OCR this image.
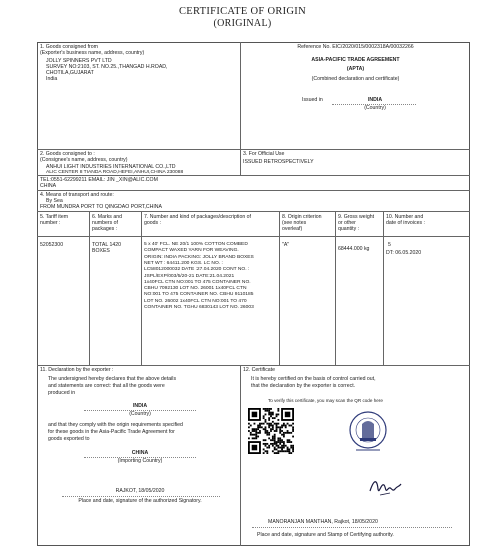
CERTIFICATE OF ORIGIN
(ORIGINAL)
1. Goods consigned from
(Exporter's business name, address, country)
JOLLY SPINNERS PVT LTD
SURVEY NO:2103, ST. NO.25.,THANGAD H.ROAD,
CHOTILA,GUJARAT
India
Reference No. EIC/2020/015/0002318A/00032266
ASIA-PACIFIC TRADE AGREEMENT
(APTA)
(Combined declaration and certificate)
Issued in	INDIA
(Country)
2. Goods consigned to :
(Consignee's name, address, country)
ANHUI LIGHT INDUSTRIES INTERNATIONAL CO.,LTD
ALIC CENTER 8 TIANDA ROAD,HEFEI,ANHUI,CHINA 230088
3. For Official Use
ISSUED RETROSPECTIVELY
TEL:0551-62299211 EMAIL: JIN _XIN@ALIC.COM
CHINA
4. Means of transport and route:
By Sea
FROM MUNDRA PORT TO QINGDAO PORT,CHINA
5. Tariff item
number :
6. Marks and
numbers of
packages :
7. Number and kind of packages/description of
goods :
8. Origin criterion
(see notes
overleaf)
9. Gross weight
or other
quantity :
10. Number and
date of invoices :
52052300	TOTAL 1420
BOXES
5 x 40' FCL. NE 20/1 100% COTTON COMBED
COMPACT WAXED YARN FOR WEAVING.
ORIGIN: INDIA PACKING: JOLLY BRAND BOXES
NET WT : 64411.200 KGS. LC NO. :
LC58012000032 DATE :27.04.2020 CONT NO. :
JSPL/EXP/003/5/20-21 DATE:21.04.2021
1x40FCL CTN NO:001 TO 475 CONTAINER NO.
CBHU 7092130 LOT NO. 26001 1x40FCL CTN
NO:001 TO 475 CONTAINER NO. CBHU 9110185
LOT NO. 26002 1x40FCL CTN NO:001 TO 470
CONTAINER NO. TGHU 6830143 LOT NO. 26003
"A"
68444.000 kg
5
DT: 06.05.2020
11. Declaration by the exporter :
The undersigned hereby declares that the above details
and statements are correct: that all the goods were
produced in
INDIA
(Country)
and that they comply with the origin requirements specified
for these goods in the Asia-Pacific Trade Agreement for
goods exported to
CHINA
(Importing Country)
RAJKOT, 18/05/2020
Place and date, signature of the authorized Signatory.
12. Certificate
It is hereby certified on the basis of control carried out,
that the declaration by the exporter is correct.
To verify this certificate, you may scan the QR code here
MANORANJAN MANTHAN, Rajkot, 18/05/2020
Place and date, signature and Stamp of Certifying authority.
